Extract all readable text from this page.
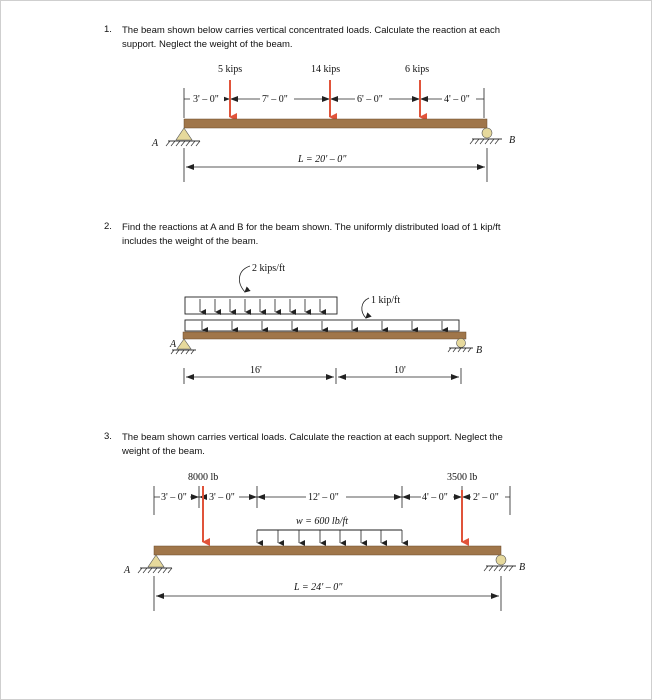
1. The beam shown below carries vertical concentrated loads. Calculate the reaction at each
support. Neglect the weight of the beam.
2. Find the reactions at A and B for the beam shown. The uniformly distributed load of 1 kip/ft
includes the weight of the beam.
3. The beam shown carries vertical loads. Calculate the reaction at each support. Neglect the
weight of the beam.
5 kips	14 kips	6 kips
3' – 0"	7' – 0"	6' – 0"	4' – 0"
A	B
L = 20' – 0"
2 kips/ft
1 kip/ft
A
B
16'	10'
8000 lb	3500 lb
3' – 0" 3' – 0"	12' – 0"	4' – 0"	2' – 0"
w = 600 lb/ft
A	B
L = 24' – 0"
